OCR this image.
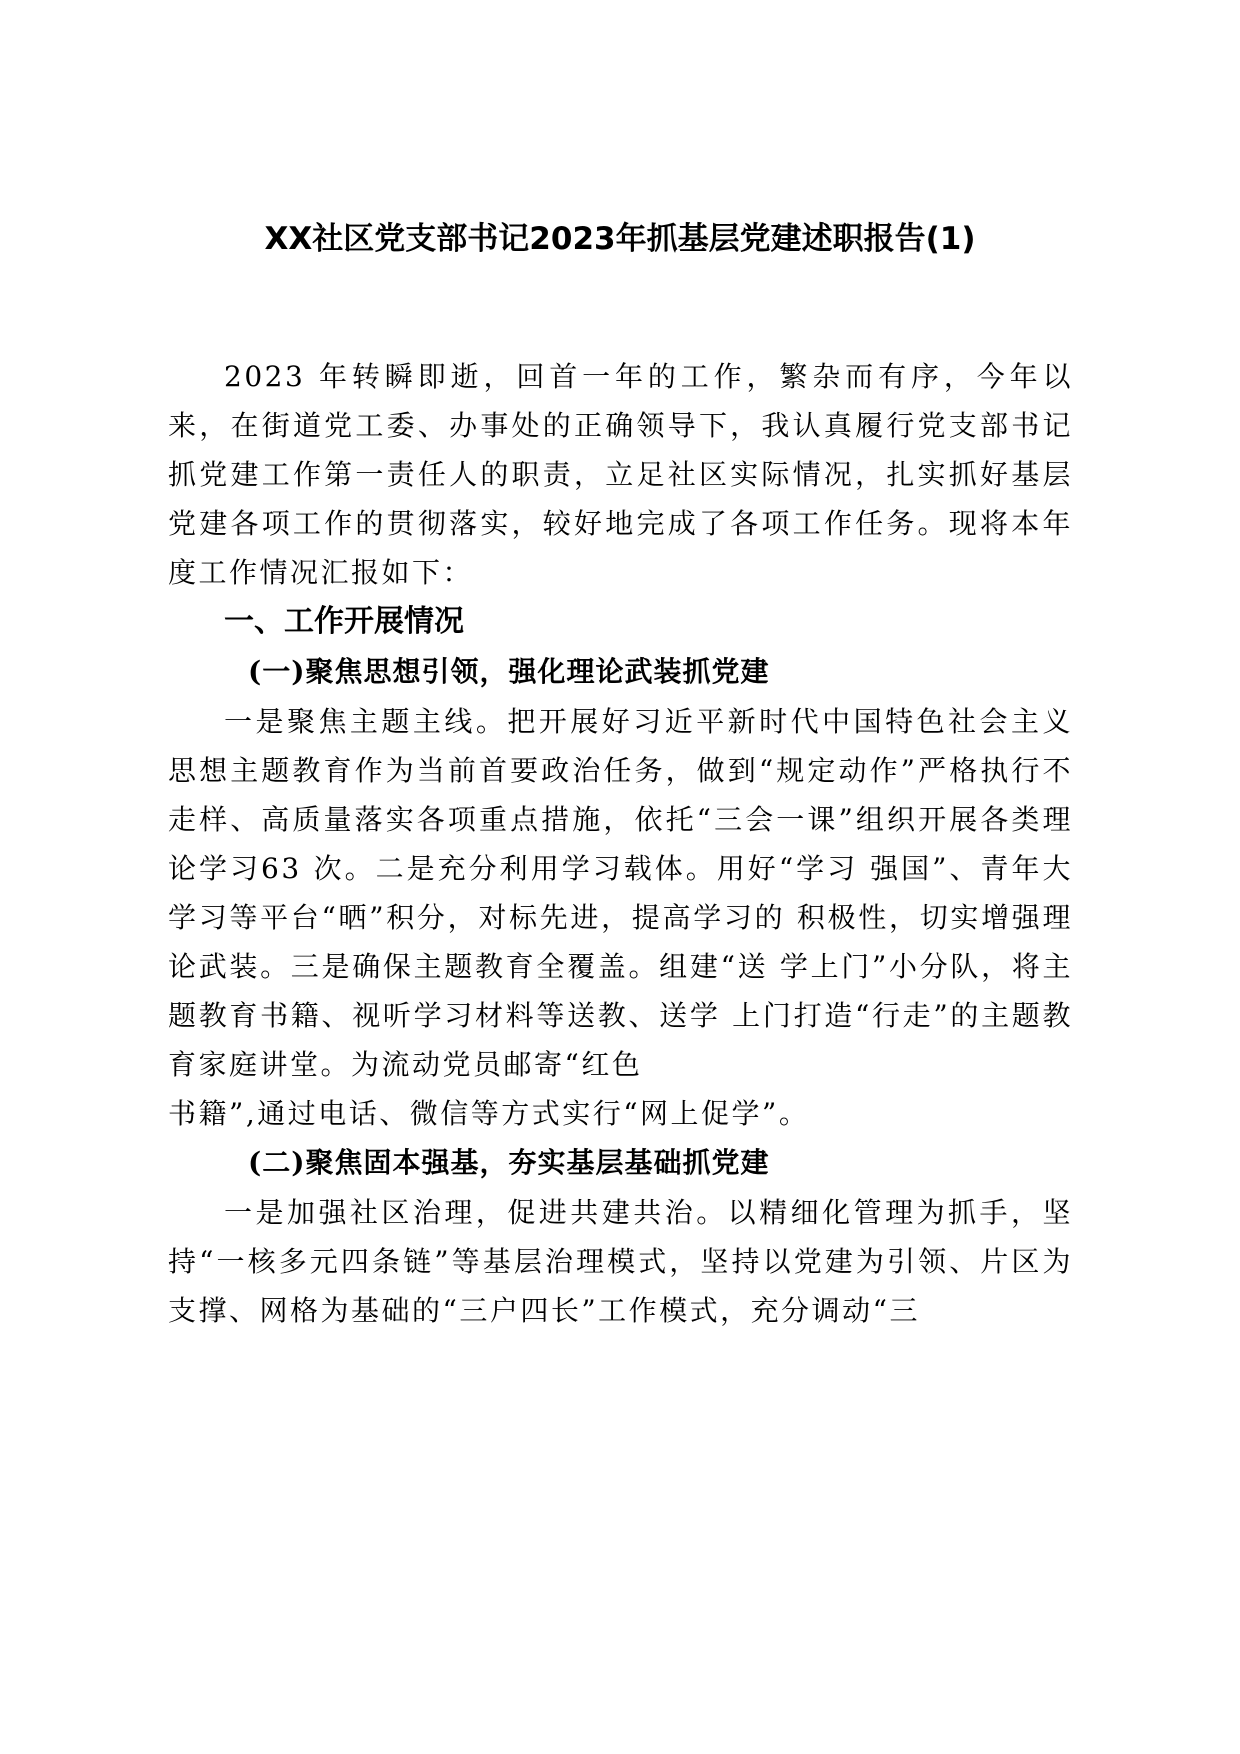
XX社区党支部书记2023年抓基层党建述职报告(1)

2023 年转瞬即逝，回首一年的工作，繁杂而有序，今年以来，在街道党工委、办事处的正确领导下，我认真履行党支部书记抓党建工作第一责任人的职责，立足社区实际情况，扎实抓好基层党建各项工作的贯彻落实，较好地完成了各项工作任务。现将本年度工作情况汇报如下：

一、工作开展情况
(一)聚焦思想引领，强化理论武装抓党建

一是聚焦主题主线。把开展好习近平新时代中国特色社会主义思想主题教育作为当前首要政治任务，做到“规定动作”严格执行不走样、高质量落实各项重点措施，依托“三会一课”组织开展各类理论学习63 次。二是充分利用学习载体。用好“学习 强国”、青年大学习等平台“晒”积分，对标先进，提高学习的 积极性，切实增强理论武装。三是确保主题教育全覆盖。组建“送 学上门”小分队，将主题教育书籍、视听学习材料等送教、送学 上门打造“行走”的主题教育家庭讲堂。为流动党员邮寄“红色

书籍”,通过电话、微信等方式实行“网上促学”。

(二)聚焦固本强基，夯实基层基础抓党建

一是加强社区治理，促进共建共治。以精细化管理为抓手，坚持“一核多元四条链”等基层治理模式，坚持以党建为引领、片区为支撑、网格为基础的“三户四长”工作模式，充分调动“三
